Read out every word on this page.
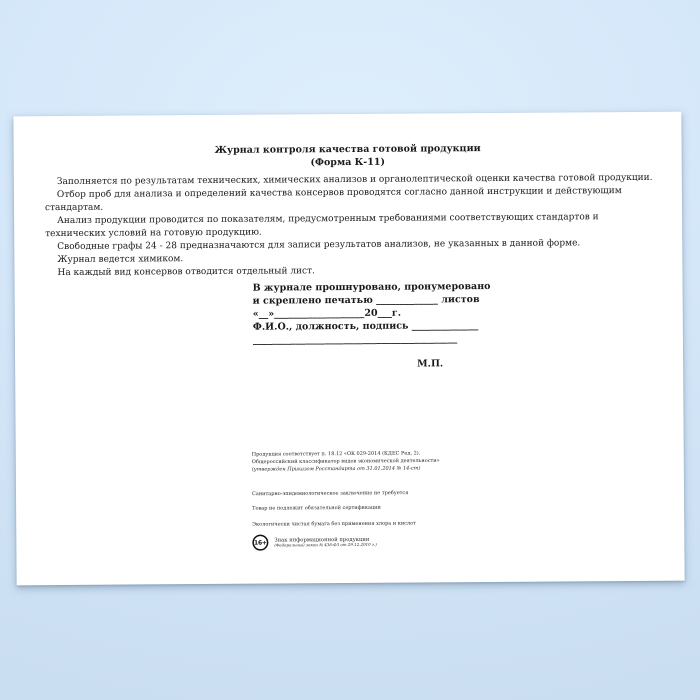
Журнал контроля качества готовой продукции
(Форма К-11)

Заполняется по результатам технических, химических анализов и органолептической оценки качества готовой продукции.

Отбор проб для анализа и определений качества консервов проводятся согласно данной инструкции и действующим стандартам.

Анализ продукции проводится по показателям, предусмотренным требованиями соответствующих стандартов и технических условий на готовую продукцию.

Свободные графы 24 - 28 предназначаются для записи результатов анализов, не указанных в данной форме.

Журнал ведется химиком.

На каждый вид консервов отводится отдельный лист.

В журнале прошнуровано, пронумеровано
и скреплено печатью _____________ листов
«__»___________________20___г.
Ф.И.О., должность, подпись ______________
___________________________________________
М.П.
Продукция соответствует п. 18.12 «ОК 029-2014 (КДЕС Ред. 2).
Общероссийский классификатор видов экономической деятельности»
(утвержден Приказом Росстандарта от 31.01.2014 № 14-ст)
Санитарно-эпидемиологическое заключение не требуется
Товар не подлежит обязательной сертификации
Экологически чистая бумага без применения хлора и кислот
16+ Знак информационной продукции
(Федеральный закон № 436-ФЗ от 29.12.2010 г.)
